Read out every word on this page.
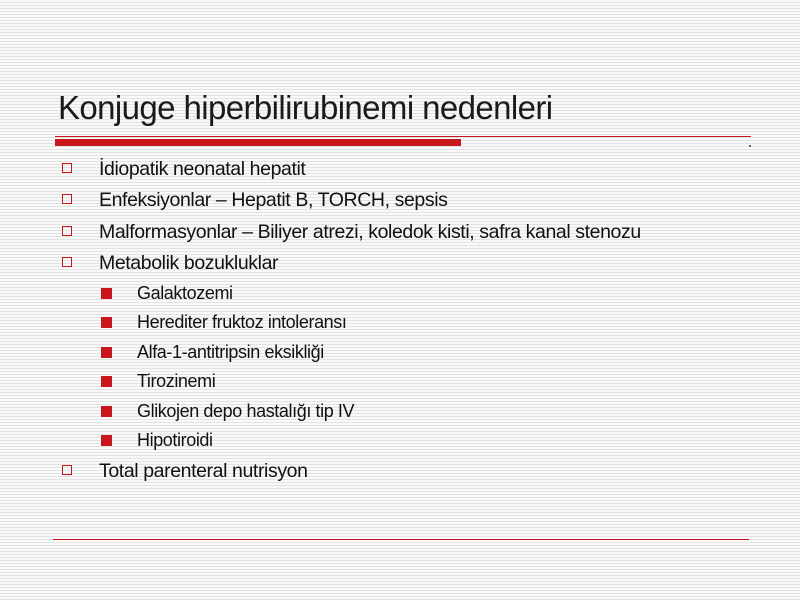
Konjuge hiperbilirubinemi nedenleri
İdiopatik neonatal hepatit
Enfeksiyonlar – Hepatit B, TORCH, sepsis
Malformasyonlar – Biliyer atrezi, koledok kisti, safra kanal stenozu
Metabolik bozukluklar
Galaktozemi
Herediter fruktoz intoleransı
Alfa-1-antitripsin eksikliği
Tirozinemi
Glikojen depo hastalığı tip IV
Hipotiroidi
Total parenteral nutrisyon
